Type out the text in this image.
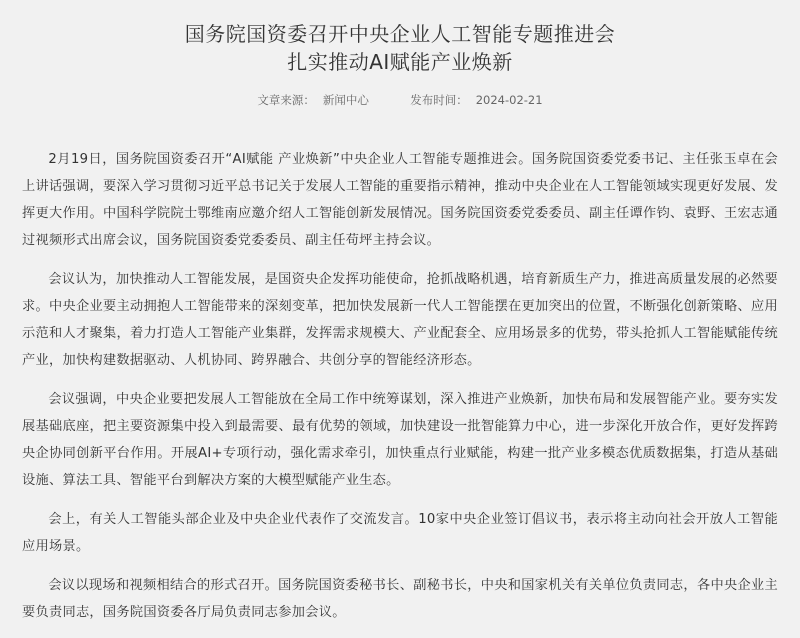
国务院国资委召开中央企业人工智能专题推进会
扎实推动AI赋能产业焕新
文章来源： 新闻中心	发布时间： 2024-02-21

2月19日，国务院国资委召开“AI赋能 产业焕新”中央企业人工智能专题推进会。国务院国资委党委书记、主任张玉卓在会上讲话强调，要深入学习贯彻习近平总书记关于发展人工智能的重要指示精神，推动中央企业在人工智能领域实现更好发展、发挥更大作用。中国科学院院士鄂维南应邀介绍人工智能创新发展情况。国务院国资委党委委员、副主任谭作钧、袁野、王宏志通过视频形式出席会议，国务院国资委党委委员、副主任苟坪主持会议。

会议认为，加快推动人工智能发展，是国资央企发挥功能使命，抢抓战略机遇，培育新质生产力，推进高质量发展的必然要求。中央企业要主动拥抱人工智能带来的深刻变革，把加快发展新一代人工智能摆在更加突出的位置，不断强化创新策略、应用示范和人才聚集，着力打造人工智能产业集群，发挥需求规模大、产业配套全、应用场景多的优势，带头抢抓人工智能赋能传统产业，加快构建数据驱动、人机协同、跨界融合、共创分享的智能经济形态。

会议强调，中央企业要把发展人工智能放在全局工作中统筹谋划，深入推进产业焕新，加快布局和发展智能产业。要夯实发展基础底座，把主要资源集中投入到最需要、最有优势的领域，加快建设一批智能算力中心，进一步深化开放合作，更好发挥跨央企协同创新平台作用。开展AI+专项行动，强化需求牵引，加快重点行业赋能，构建一批产业多模态优质数据集，打造从基础设施、算法工具、智能平台到解决方案的大模型赋能产业生态。

会上，有关人工智能头部企业及中央企业代表作了交流发言。10家中央企业签订倡议书，表示将主动向社会开放人工智能应用场景。

会议以现场和视频相结合的形式召开。国务院国资委秘书长、副秘书长，中央和国家机关有关单位负责同志，各中央企业主要负责同志，国务院国资委各厅局负责同志参加会议。
